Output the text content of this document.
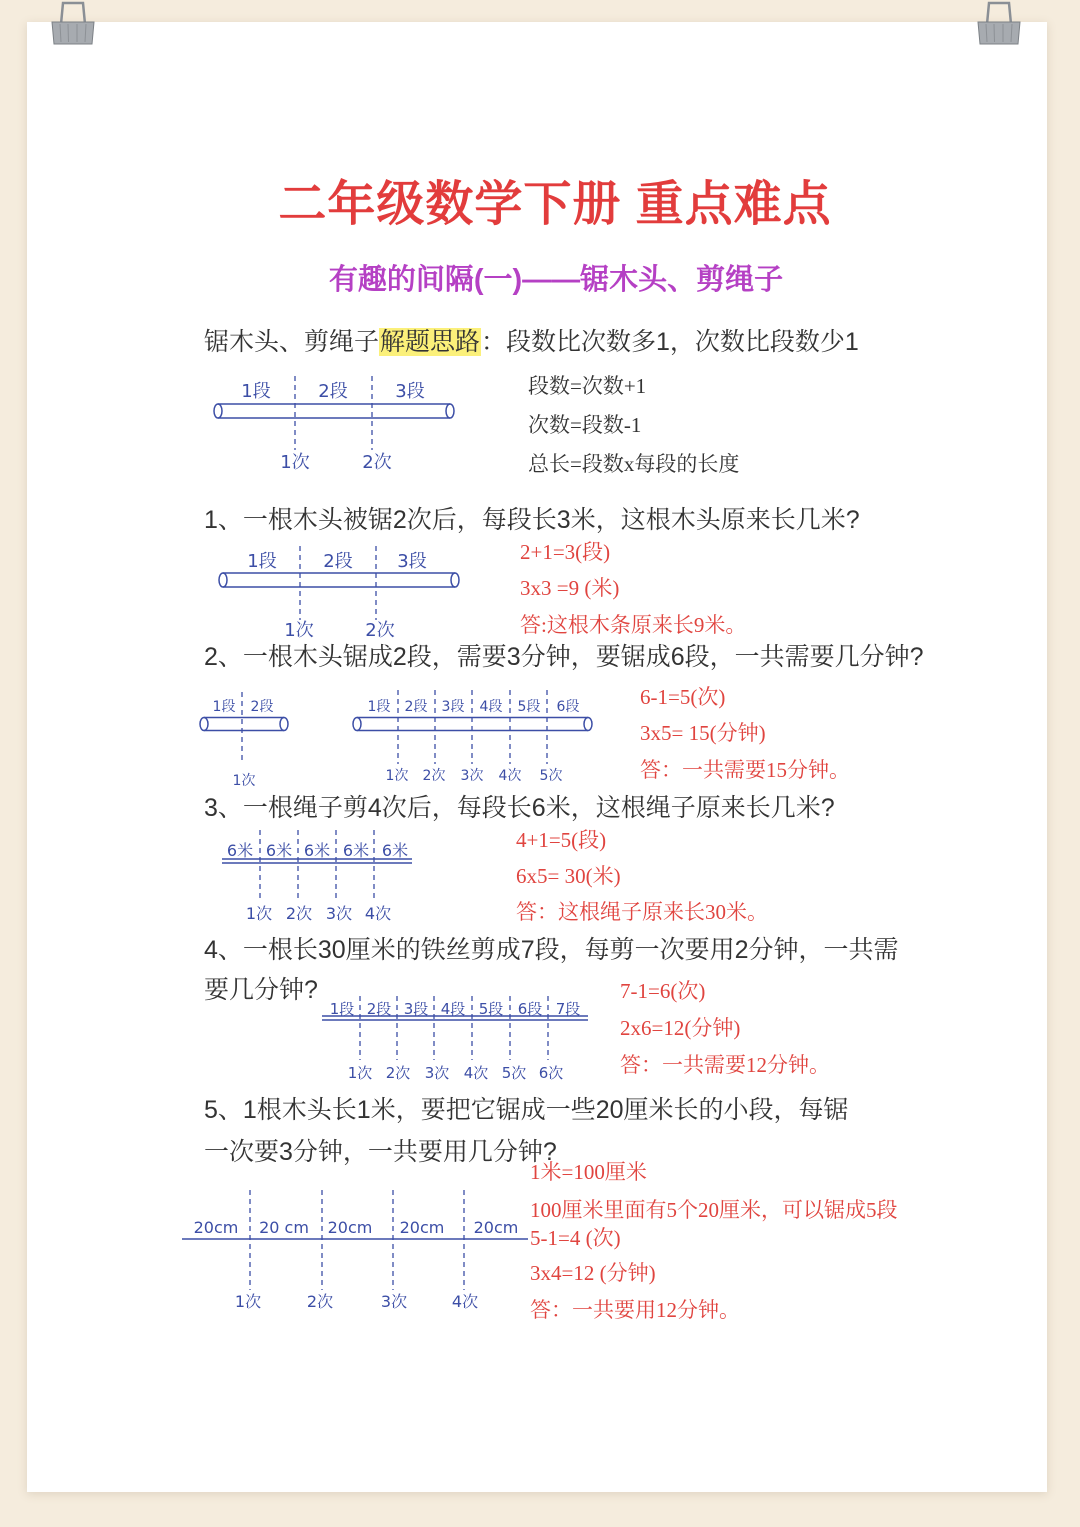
1段	2段	3段
1次	2次
1段	2段 3段
1次	2次
1段 2段
1次
1段 2段 3段 4段 5段 6段
1次 2次 3次 4次 5次
6米 6米 6米 6米 6米
1次 2次 3次 4次
1段 2段 3段 4段 5段 6段 7段
1次 2次 3次 4次 5次 6次
20cm 20 cm 20cm 20cm 20cm
1次	2次	3次	4次
二年级数学下册 重点难点
有趣的间隔(一)——锯木头、剪绳子
锯木头、剪绳子解题思路：段数比次数多1，次数比段数少1
段数=次数+1
次数=段数-1
总长=段数x每段的长度
1、一根木头被锯2次后，每段长3米，这根木头原来长几米?
2+1=3(段)
3x3 =9 (米)
答:这根木条原来长9米。
2、一根木头锯成2段，需要3分钟，要锯成6段，一共需要几分钟?
6-1=5(次)
3x5= 15(分钟)
答：一共需要15分钟。
3、一根绳子剪4次后，每段长6米，这根绳子原来长几米?
4+1=5(段)
6x5= 30(米)
答：这根绳子原来长30米。
4、一根长30厘米的铁丝剪成7段，每剪一次要用2分钟，一共需
要几分钟?	7-1=6(次)
2x6=12(分钟)
答：一共需要12分钟。
5、1根木头长1米，要把它锯成一些20厘米长的小段，每锯
一次要3分钟，一共要用几分钟?
1米=100厘米
100厘米里面有5个20厘米，可以锯成5段
5-1=4 (次)
3x4=12 (分钟)
答：一共要用12分钟。
